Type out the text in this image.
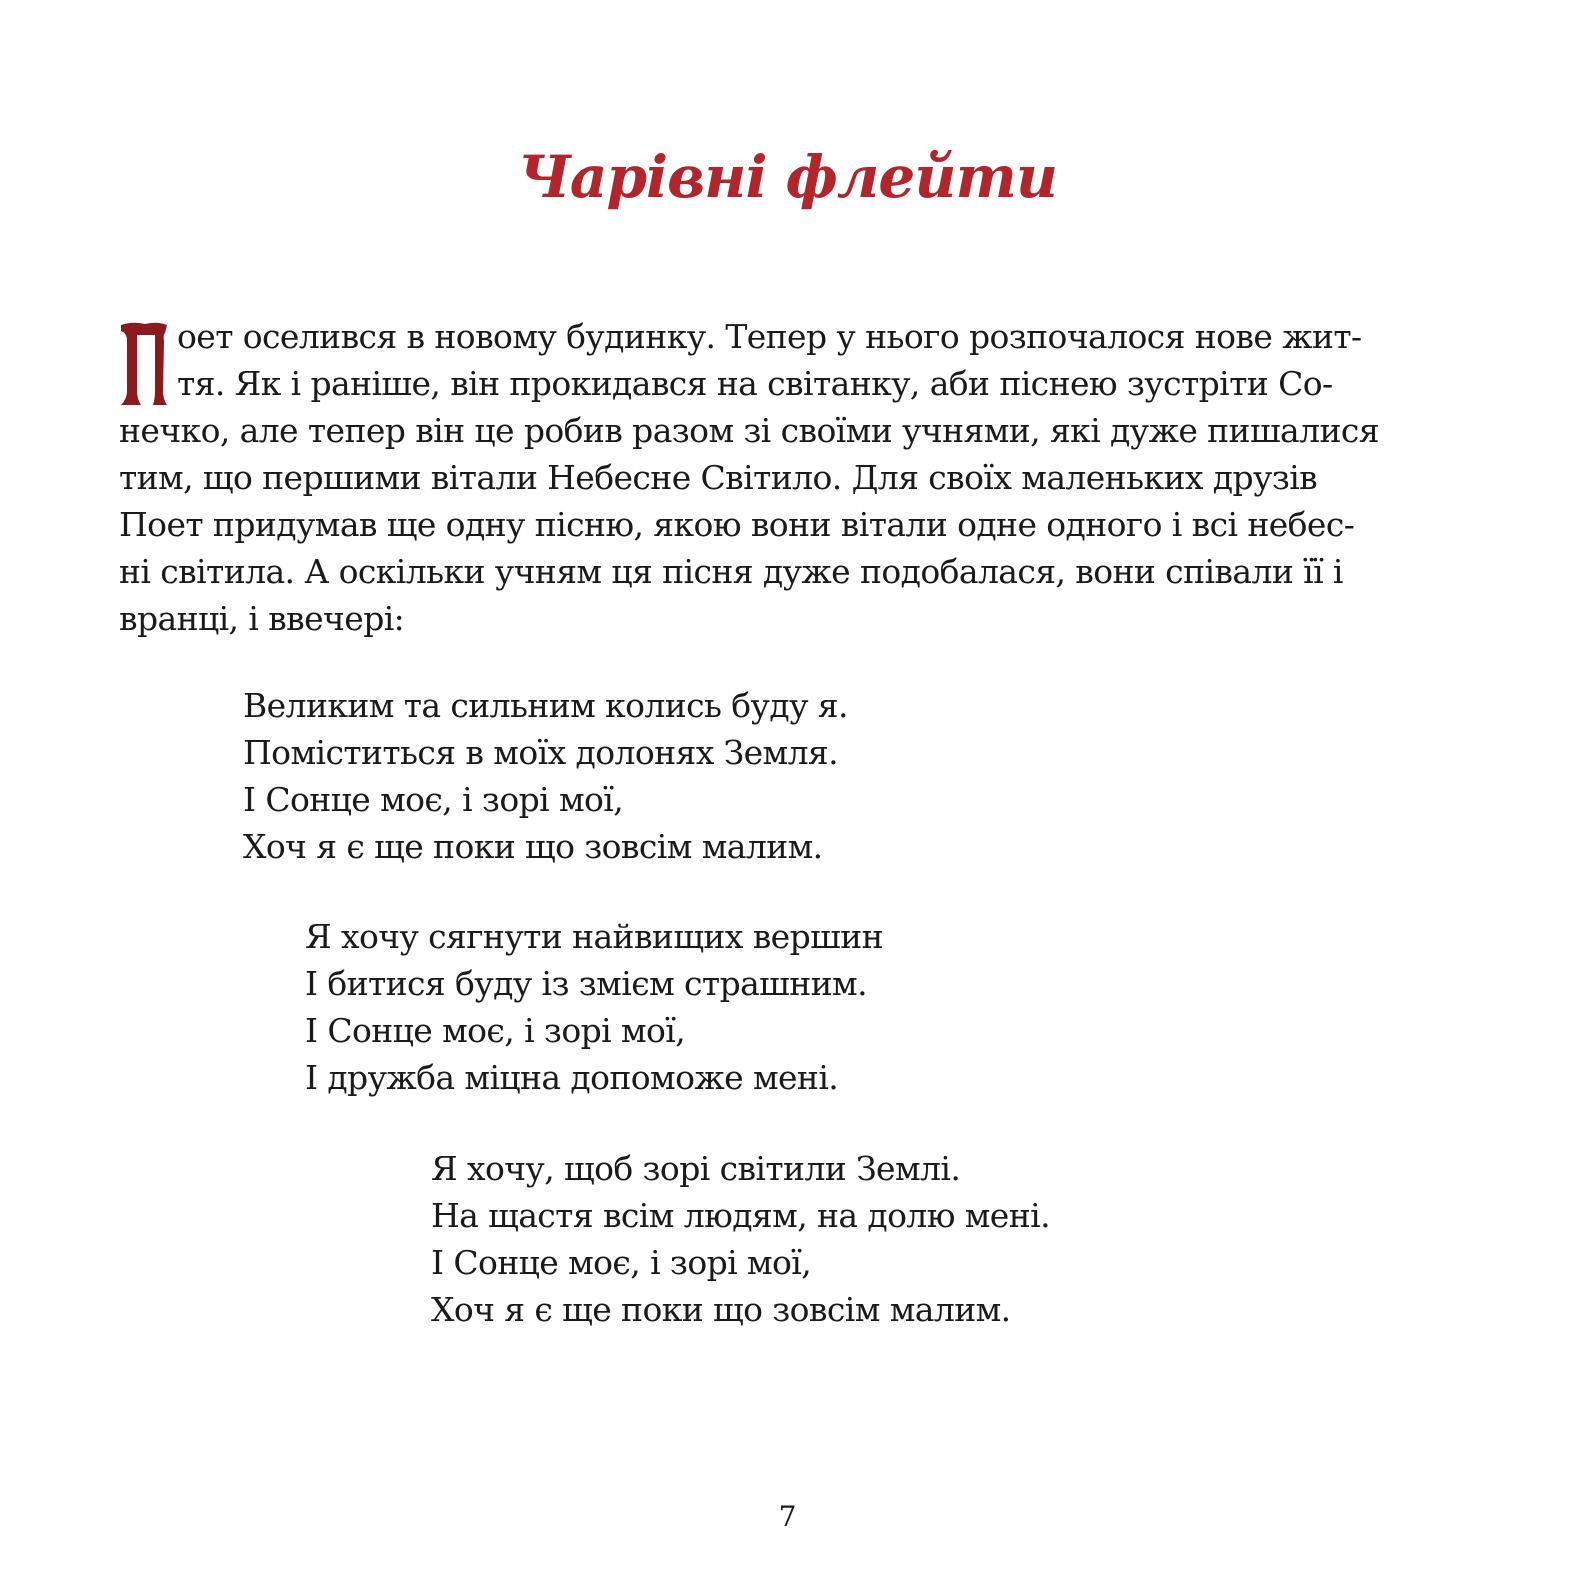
Чарівні флейти
оет оселився в новому будинку. Тепер у нього розпочалося нове жит-
тя. Як і раніше, він прокидався на світанку, аби піснею зустріти Со-
нечко, але тепер він це робив разом зі своїми учнями, які дуже пишалися
тим, що першими вітали Небесне Світило. Для своїх маленьких друзів
Поет придумав ще одну пісню, якою вони вітали одне одного і всі небес-
ні світила. А оскільки учням ця пісня дуже подобалася, вони співали її і
вранці, і ввечері:
Великим та сильним колись буду я.
Поміститься в моїх долонях Земля.
І Сонце моє, і зорі мої,
Хоч я є ще поки що зовсім малим.
Я хочу сягнути найвищих вершин
І битися буду із змієм страшним.
І Сонце моє, і зорі мої,
І дружба міцна допоможе мені.
Я хочу, щоб зорі світили Землі.
На щастя всім людям, на долю мені.
І Сонце моє, і зорі мої,
Хоч я є ще поки що зовсім малим.
7
